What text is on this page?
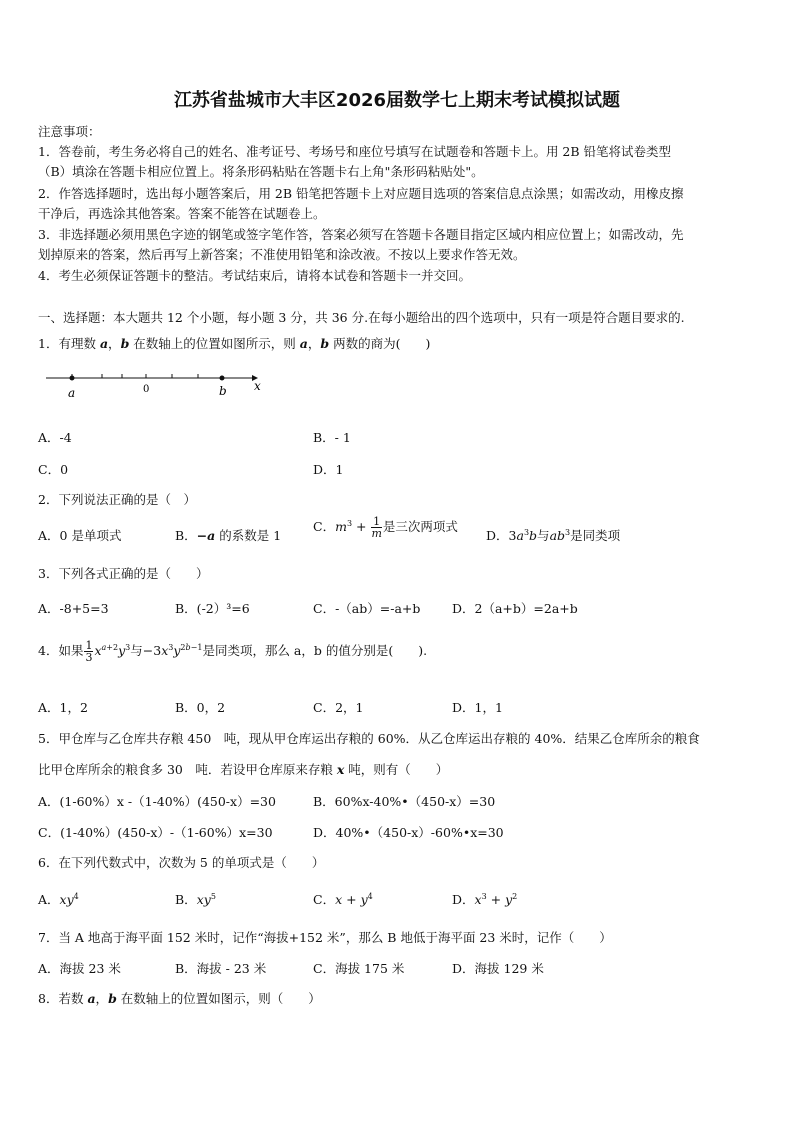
江苏省盐城市大丰区2026届数学七上期末考试模拟试题
注意事项：
1．答卷前，考生务必将自己的姓名、准考证号、考场号和座位号填写在试题卷和答题卡上。用 2B 铅笔将试卷类型
（B）填涂在答题卡相应位置上。将条形码粘贴在答题卡右上角"条形码粘贴处"。
2．作答选择题时，选出每小题答案后，用 2B 铅笔把答题卡上对应题目选项的答案信息点涂黑；如需改动，用橡皮擦
干净后，再选涂其他答案。答案不能答在试题卷上。
3．非选择题必须用黑色字迹的钢笔或签字笔作答，答案必须写在答题卡各题目指定区域内相应位置上；如需改动，先
划掉原来的答案，然后再写上新答案；不准使用铅笔和涂改液。不按以上要求作答无效。
4．考生必须保证答题卡的整洁。考试结束后，请将本试卷和答题卡一并交回。
一、选择题：本大题共 12 个小题，每小题 3 分，共 36 分.在每小题给出的四个选项中，只有一项是符合题目要求的.
1．有理数 a，b 在数轴上的位置如图所示，则 a，b 两数的商为(　　)
a	0	b x
A．-4	B．- 1
C．0	D．1
2．下列说法正确的是（　）
A．0 是单项式	B．−a 的系数是 1
C．$m^3 + \frac{1}{m}$ 是三次两项式
D．$3a^3b$与$ab^3$是同类项
3．下列各式正确的是（　　）
A．-8+5=3	B．(-2）³=6	C．-（ab）=-a+b	D．2（a+b）=2a+b
4．如果 $\frac{1}{3} x^{a+2}y^3$与$-3x^3y^{2b-1}$是同类项，那么 a，b 的值分别是(　　).
A．1，2	B．0，2	C．2，1	D．1，1
5．甲仓库与乙仓库共存粮 450　吨，现从甲仓库运出存粮的 60%．从乙仓库运出存粮的 40%．结果乙仓库所余的粮食
比甲仓库所余的粮食多 30　吨．若设甲仓库原来存粮 x 吨，则有（　　）
A．(1-60%）x -（1-40%）(450-x）=30	B．60%x-40%•（450-x）=30
C．(1-40%）(450-x）-（1-60%）x=30	D．40%•（450-x）-60%•x=30
6．在下列代数式中，次数为 5 的单项式是（　　）
A．$xy^4$	B．$xy^5$	C．$x + y^4$	D．$x^3 + y^2$
7．当 A 地高于海平面 152 米时，记作“海拔+152 米”，那么 B 地低于海平面 23 米时，记作（　　）
A．海拔 23 米	B．海拔 - 23 米	C．海拔 175 米	D．海拔 129 米
8．若数 a，b 在数轴上的位置如图示，则（　　）
